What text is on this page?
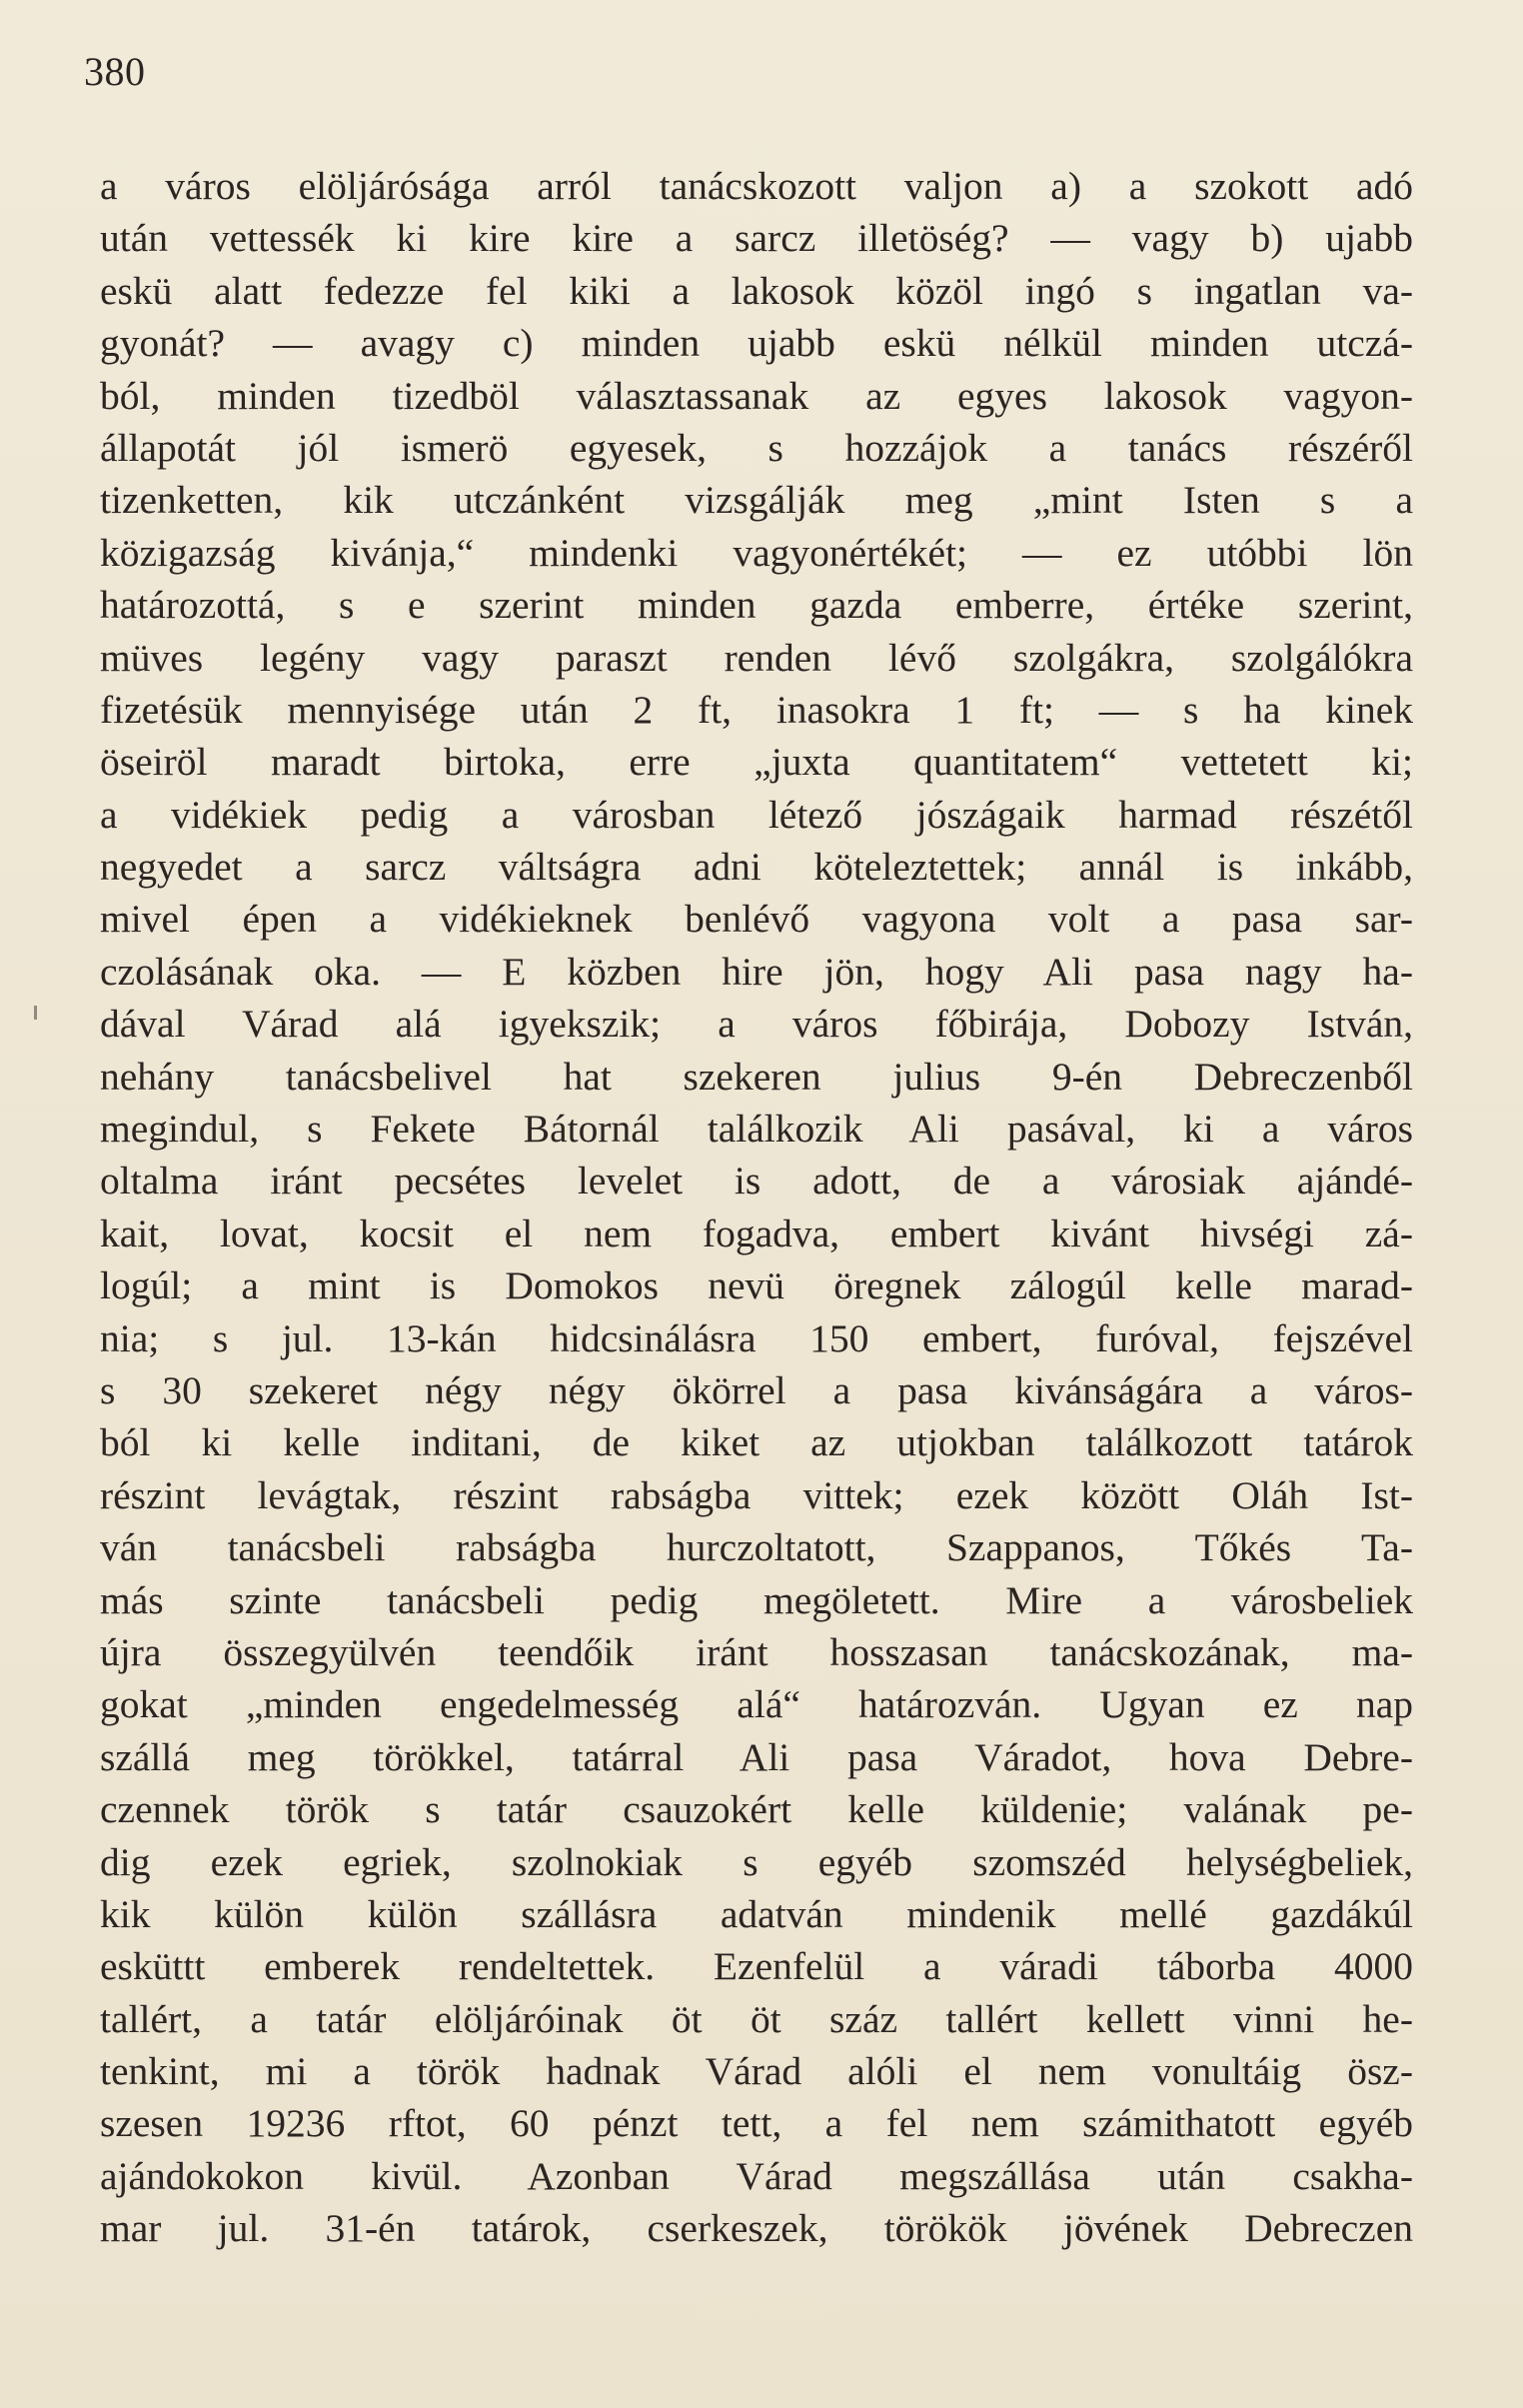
380
a város elöljárósága arról tanácskozott valjon a) a szokott adó
után vettessék ki kire kire a sarcz illetöség? — vagy b) ujabb
eskü alatt fedezze fel kiki a lakosok közöl ingó s ingatlan va-
gyonát? — avagy c) minden ujabb eskü nélkül minden utczá-
ból, minden tizedböl választassanak az egyes lakosok vagyon-
állapotát jól ismerö egyesek, s hozzájok a tanács részéről
tizenketten, kik utczánként vizsgálják meg „mint Isten s a
közigazság kivánja,“ mindenki vagyonértékét; — ez utóbbi lön
határozottá, s e szerint minden gazda emberre, értéke szerint,
müves legény vagy paraszt renden lévő szolgákra, szolgálókra
fizetésük mennyisége után 2 ft, inasokra 1 ft; — s ha kinek
öseiröl maradt birtoka, erre „juxta quantitatem“ vettetett ki;
a vidékiek pedig a városban létező jószágaik harmad részétől
negyedet a sarcz váltságra adni köteleztettek; annál is inkább,
mivel épen a vidékieknek benlévő vagyona volt a pasa sar-
czolásának oka. — E közben hire jön, hogy Ali pasa nagy ha-
dával Várad alá igyekszik; a város főbirája, Dobozy István,
nehány tanácsbelivel hat szekeren julius 9-én Debreczenből
megindul, s Fekete Bátornál találkozik Ali pasával, ki a város
oltalma iránt pecsétes levelet is adott, de a városiak ajándé-
kait, lovat, kocsit el nem fogadva, embert kivánt hivségi zá-
logúl; a mint is Domokos nevü öregnek zálogúl kelle marad-
nia; s jul. 13-kán hidcsinálásra 150 embert, furóval, fejszével
s 30 szekeret négy négy ökörrel a pasa kivánságára a város-
ból ki kelle inditani, de kiket az utjokban találkozott tatárok
részint levágtak, részint rabságba vittek; ezek között Oláh Ist-
ván tanácsbeli rabságba hurczoltatott, Szappanos, Tőkés Ta-
más szinte tanácsbeli pedig megöletett. Mire a városbeliek
újra összegyülvén teendőik iránt hosszasan tanácskozának, ma-
gokat „minden engedelmesség alá“ határozván. Ugyan ez nap
szállá meg törökkel, tatárral Ali pasa Váradot, hova Debre-
czennek török s tatár csauzokért kelle küldenie; valának pe-
dig ezek egriek, szolnokiak s egyéb szomszéd helységbeliek,
kik külön külön szállásra adatván mindenik mellé gazdákúl
esküttt emberek rendeltettek. Ezenfelül a váradi táborba 4000
tallért, a tatár elöljáróinak öt öt száz tallért kellett vinni he-
tenkint, mi a török hadnak Várad alóli el nem vonultáig ösz-
szesen 19236 rftot, 60 pénzt tett, a fel nem számithatott egyéb
ajándokokon kivül. Azonban Várad megszállása után csakha-
mar jul. 31-én tatárok, cserkeszek, törökök jövének Debreczen
